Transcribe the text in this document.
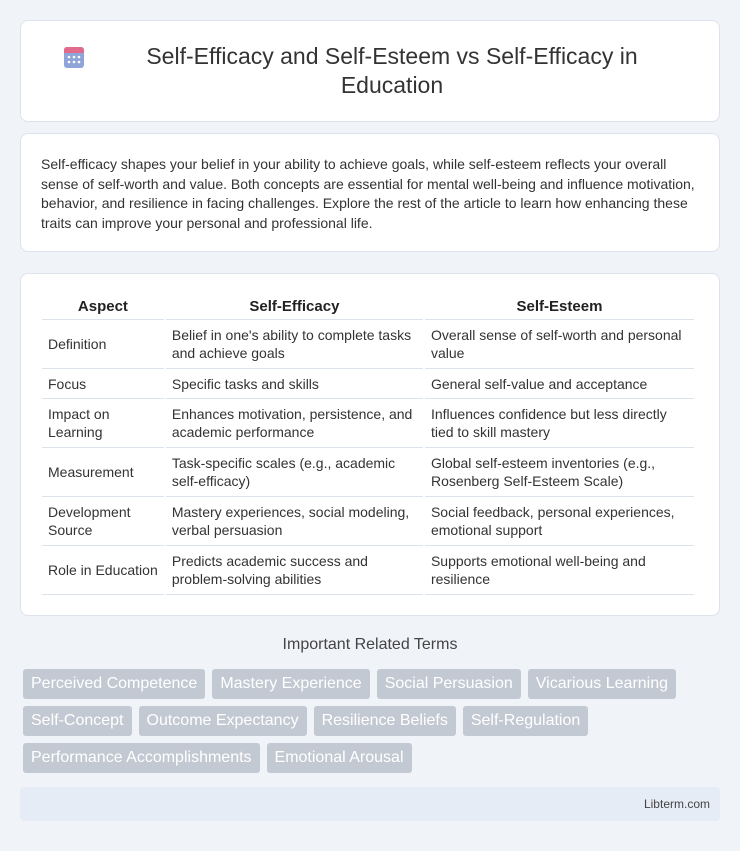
Self-Efficacy and Self-Esteem vs Self-Efficacy in Education

Self-efficacy shapes your belief in your ability to achieve goals, while self-esteem reflects your overall sense of self-worth and value. Both concepts are essential for mental well-being and influence motivation, behavior, and resilience in facing challenges. Explore the rest of the article to learn how enhancing these traits can improve your personal and professional life.

Aspect	Self-Efficacy	Self-Esteem
Definition	Belief in one's ability to complete tasks and achieve goals	Overall sense of self-worth and personal value
Focus	Specific tasks and skills	General self-value and acceptance
Impact on Learning	Enhances motivation, persistence, and academic performance	Influences confidence but less directly tied to skill mastery
Measurement	Task-specific scales (e.g., academic self-efficacy)	Global self-esteem inventories (e.g., Rosenberg Self-Esteem Scale)
Development Source	Mastery experiences, social modeling, verbal persuasion	Social feedback, personal experiences, emotional support
Role in Education	Predicts academic success and problem-solving abilities	Supports emotional well-being and resilience
Important Related Terms
Perceived Competence	Mastery Experience	Social Persuasion	Vicarious Learning
Self-Concept	Outcome Expectancy	Resilience Beliefs	Self-Regulation
Performance Accomplishments	Emotional Arousal
Libterm.com
